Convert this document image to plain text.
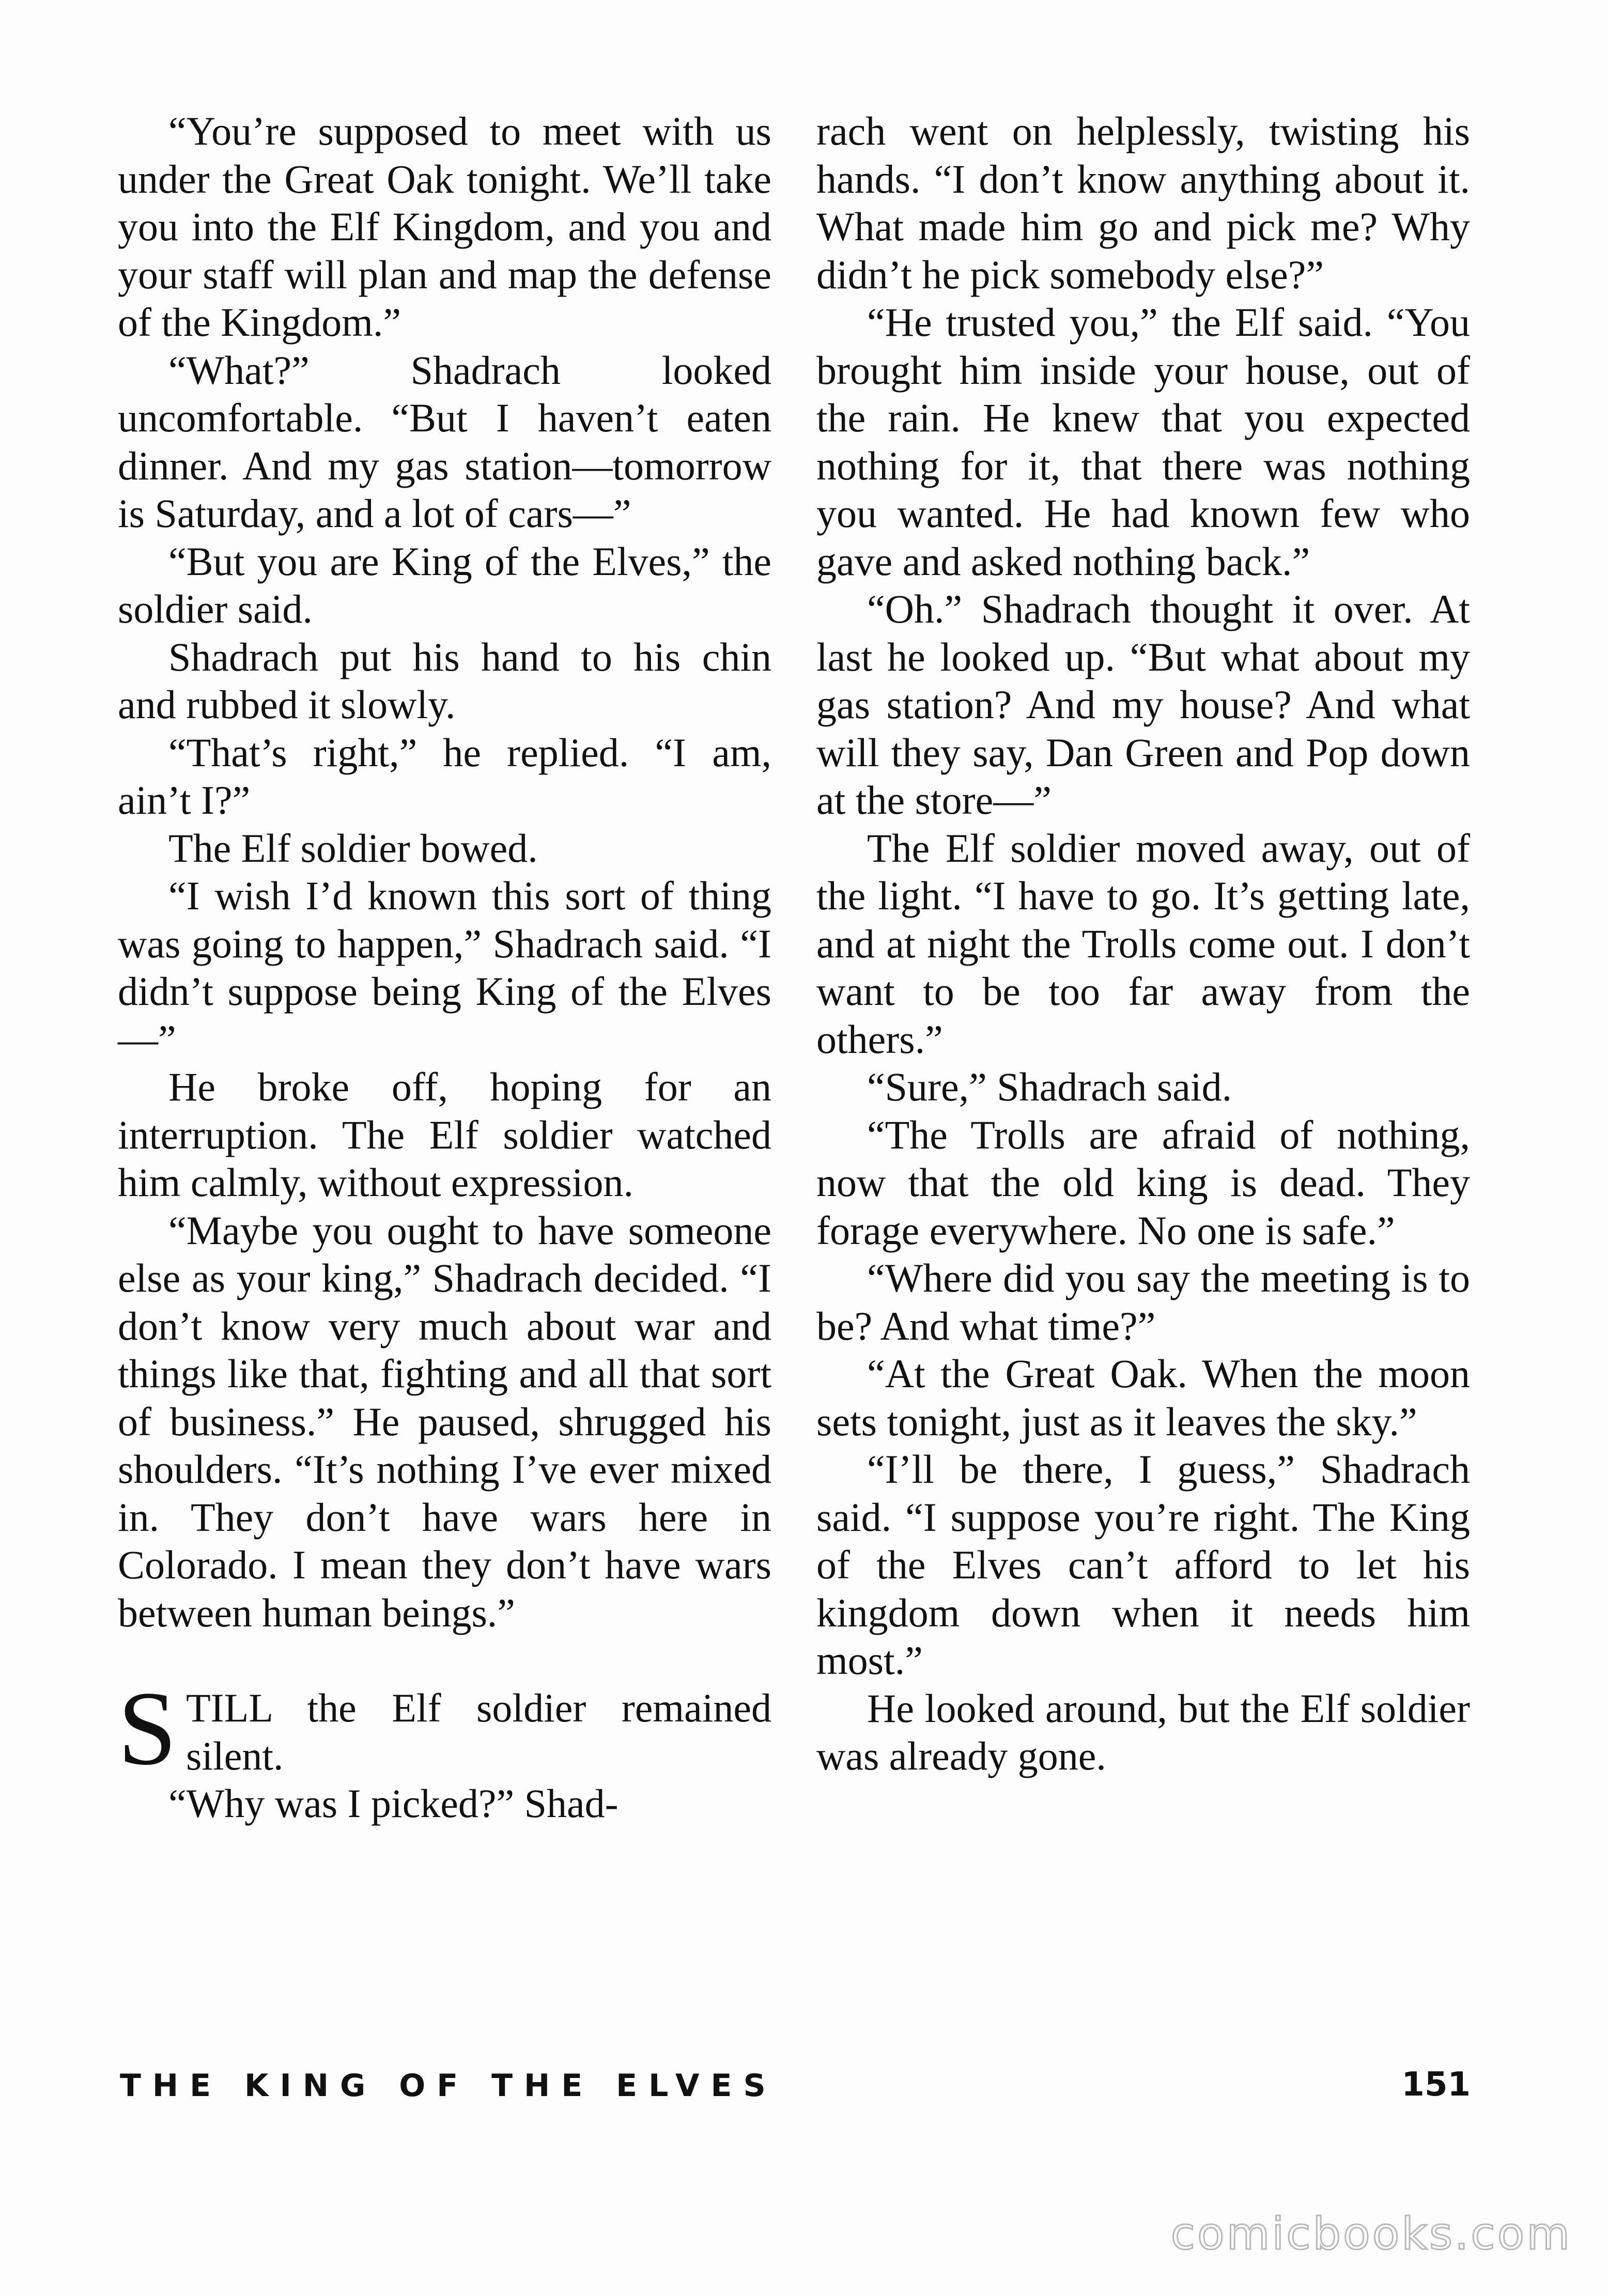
“You’re supposed to meet with us under the Great Oak tonight. We’ll take you into the Elf Kingdom, and you and your staff will plan and map the defense of the Kingdom.”

“What?” Shadrach looked uncomfortable. “But I haven’t eaten dinner. And my gas station—tomorrow is Saturday, and a lot of cars—”

“But you are King of the Elves,” the soldier said.

Shadrach put his hand to his chin and rubbed it slowly.

“That’s right,” he replied. “I am, ain’t I?”

The Elf soldier bowed.

“I wish I’d known this sort of thing was going to happen,” Shadrach said. “I didn’t suppose being King of the Elves—”

He broke off, hoping for an interruption. The Elf soldier watched him calmly, without expression.

“Maybe you ought to have someone else as your king,” Shadrach decided. “I don’t know very much about war and things like that, fighting and all that sort of business.” He paused, shrugged his shoulders. “It’s nothing I’ve ever mixed in. They don’t have wars here in Colorado. I mean they don’t have wars between human beings.”

STILL the Elf soldier remained silent.

“Why was I picked?” Shad-

rach went on helplessly, twisting his hands. “I don’t know anything about it. What made him go and pick me? Why didn’t he pick somebody else?”

“He trusted you,” the Elf said. “You brought him inside your house, out of the rain. He knew that you expected nothing for it, that there was nothing you wanted. He had known few who gave and asked nothing back.”

“Oh.” Shadrach thought it over. At last he looked up. “But what about my gas station? And my house? And what will they say, Dan Green and Pop down at the store—”

The Elf soldier moved away, out of the light. “I have to go. It’s getting late, and at night the Trolls come out. I don’t want to be too far away from the others.”

“Sure,” Shadrach said.

“The Trolls are afraid of nothing, now that the old king is dead. They forage everywhere. No one is safe.”

“Where did you say the meeting is to be? And what time?”

“At the Great Oak. When the moon sets tonight, just as it leaves the sky.”

“I’ll be there, I guess,” Shadrach said. “I suppose you’re right. The King of the Elves can’t afford to let his kingdom down when it needs him most.”

He looked around, but the Elf soldier was already gone.

THE KING OF THE ELVES	151
comicbooks.com
